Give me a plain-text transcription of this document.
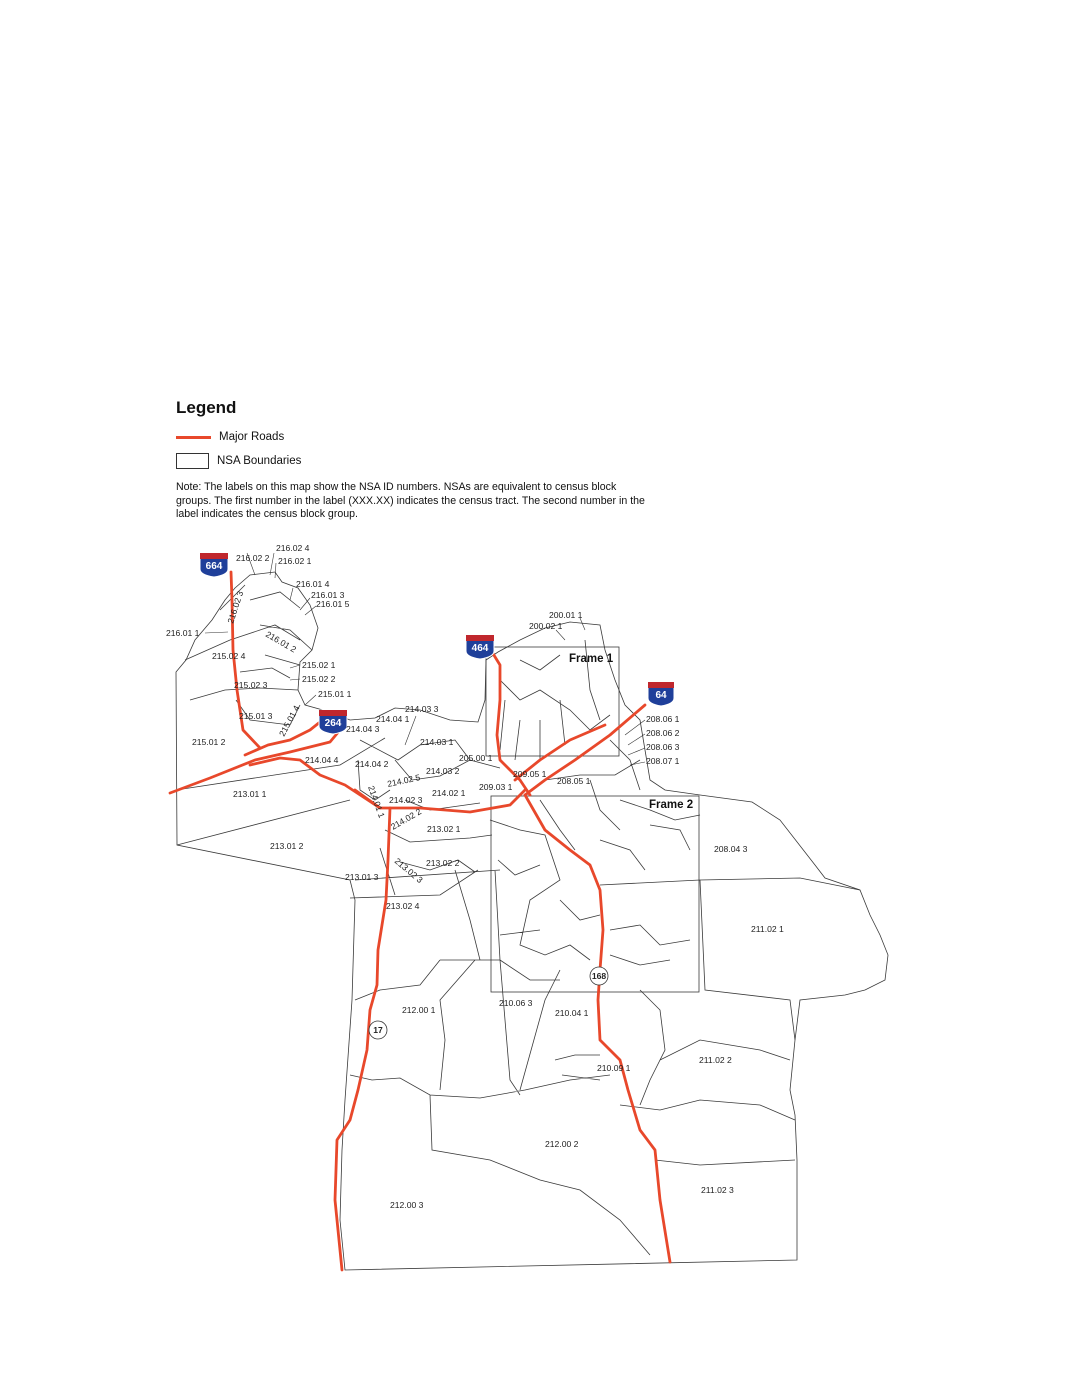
Legend
Major Roads
NSA Boundaries
Note: The labels on this map show the NSA ID numbers. NSAs are equivalent to census block groups. The first number in the label (XXX.XX) indicates the census tract. The second number in the label indicates the census block group.
Frame 1
Frame 2
664
464
64
264
17
168
216.02 4
216.02 2 216.02 1
216.01 4
216.01 3
216.01 5
216.01 1
216.02 3
216.01 2
215.02 4
215.02 1
215.02 2
215.02 3
215.01 1
215.01 3
215.01 2
215.01 4	214.04 3
214.04 1
214.03 3
214.03 1
214.04 4 214.04 2
214.02 5
214.03 2
214.02 3
214.01 1 214.02 2
214.02 1
213.01 1
213.01 2
213.02 1
213.02 2
213.01 3 213.02 3
213.02 4
200.01 1
200.02 1
205.00 1
209.05 1
209.03 1
208.05 1
208.06 1
208.06 2
208.06 3
208.07 1
208.04 3
211.02 1
212.00 1
210.06 3
210.04 1
210.09 1
211.02 2
212.00 2
212.00 3
211.02 3
